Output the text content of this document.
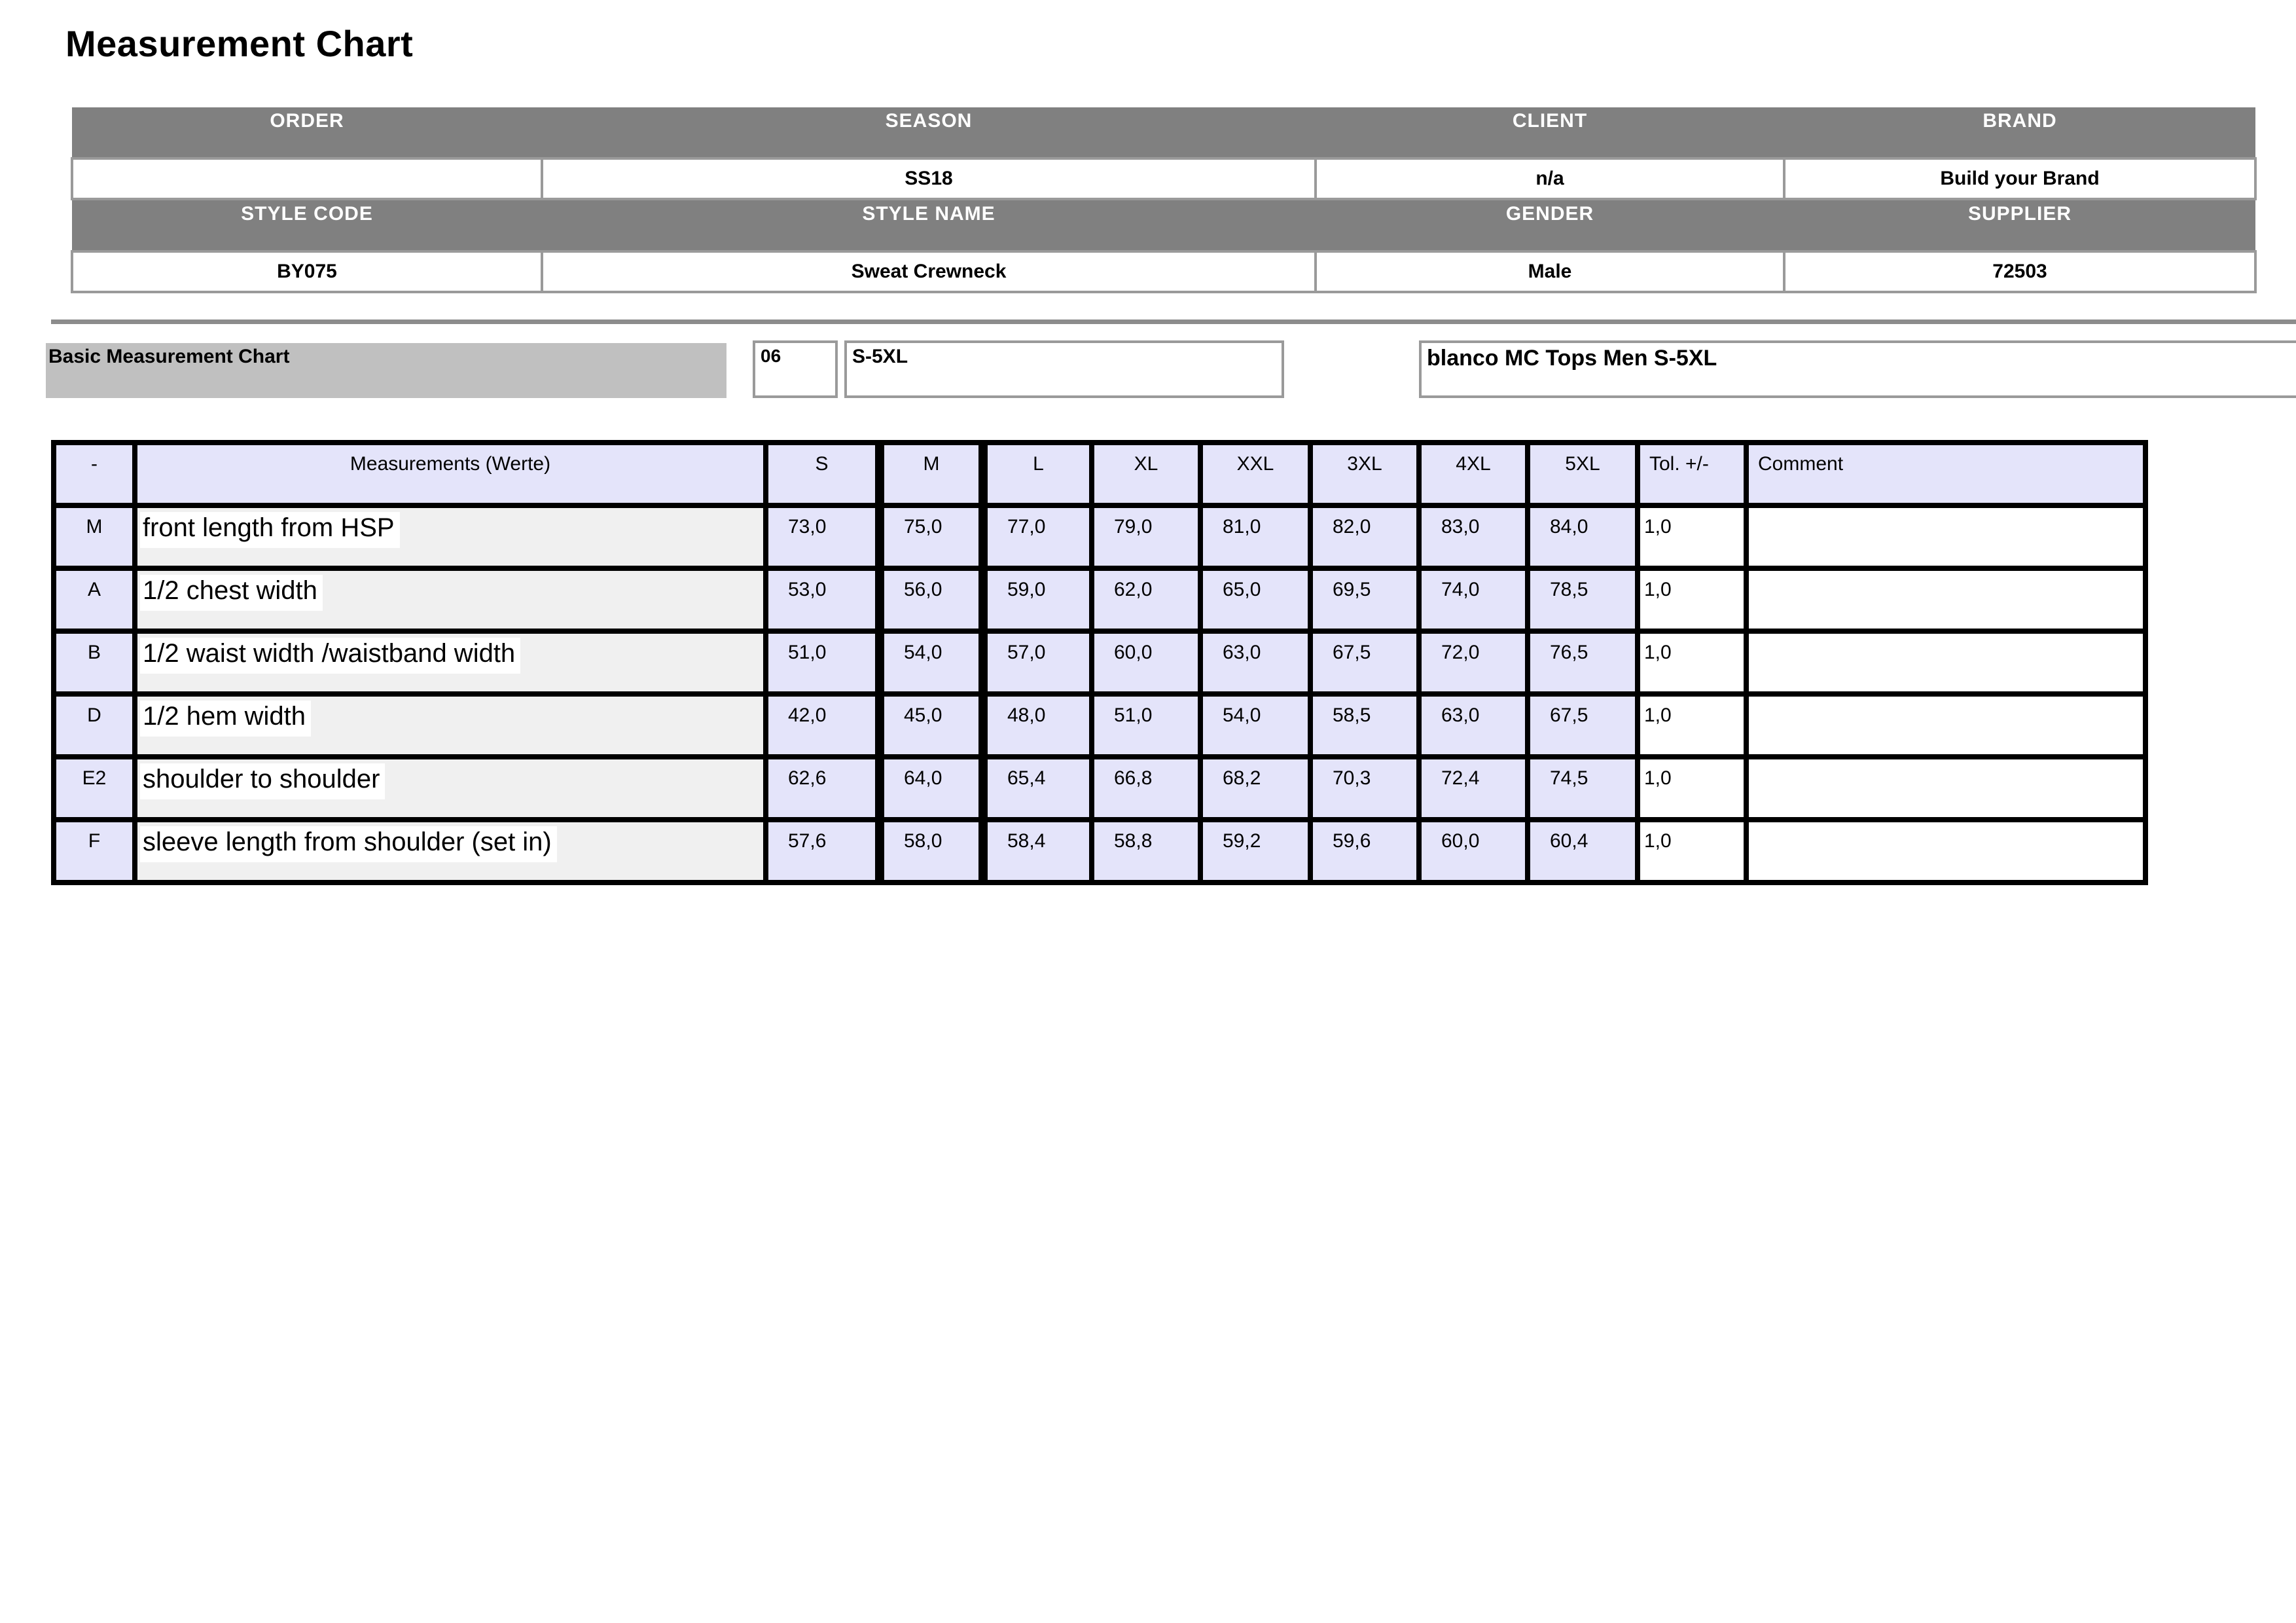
Measurement Chart
ORDER	SEASON	CLIENT	BRAND
	SS18	n/a	Build your Brand
STYLE CODE	STYLE NAME	GENDER	SUPPLIER
BY075	Sweat Crewneck	Male	72503
Basic Measurement Chart	06	S-5XL	blanco MC Tops Men S-5XL
-	Measurements (Werte)	S	M	L	XL	XXL	3XL	4XL	5XL	Tol. +/-	Comment
M	front length from HSP	73,0	75,0	77,0	79,0	81,0	82,0	83,0	84,0	1,0	
A	1/2 chest width	53,0	56,0	59,0	62,0	65,0	69,5	74,0	78,5	1,0	
B	1/2 waist width /waistband width	51,0	54,0	57,0	60,0	63,0	67,5	72,0	76,5	1,0	
D	1/2 hem width	42,0	45,0	48,0	51,0	54,0	58,5	63,0	67,5	1,0	
E2	shoulder to shoulder	62,6	64,0	65,4	66,8	68,2	70,3	72,4	74,5	1,0	
F	sleeve length from shoulder (set in)	57,6	58,0	58,4	58,8	59,2	59,6	60,0	60,4	1,0	
